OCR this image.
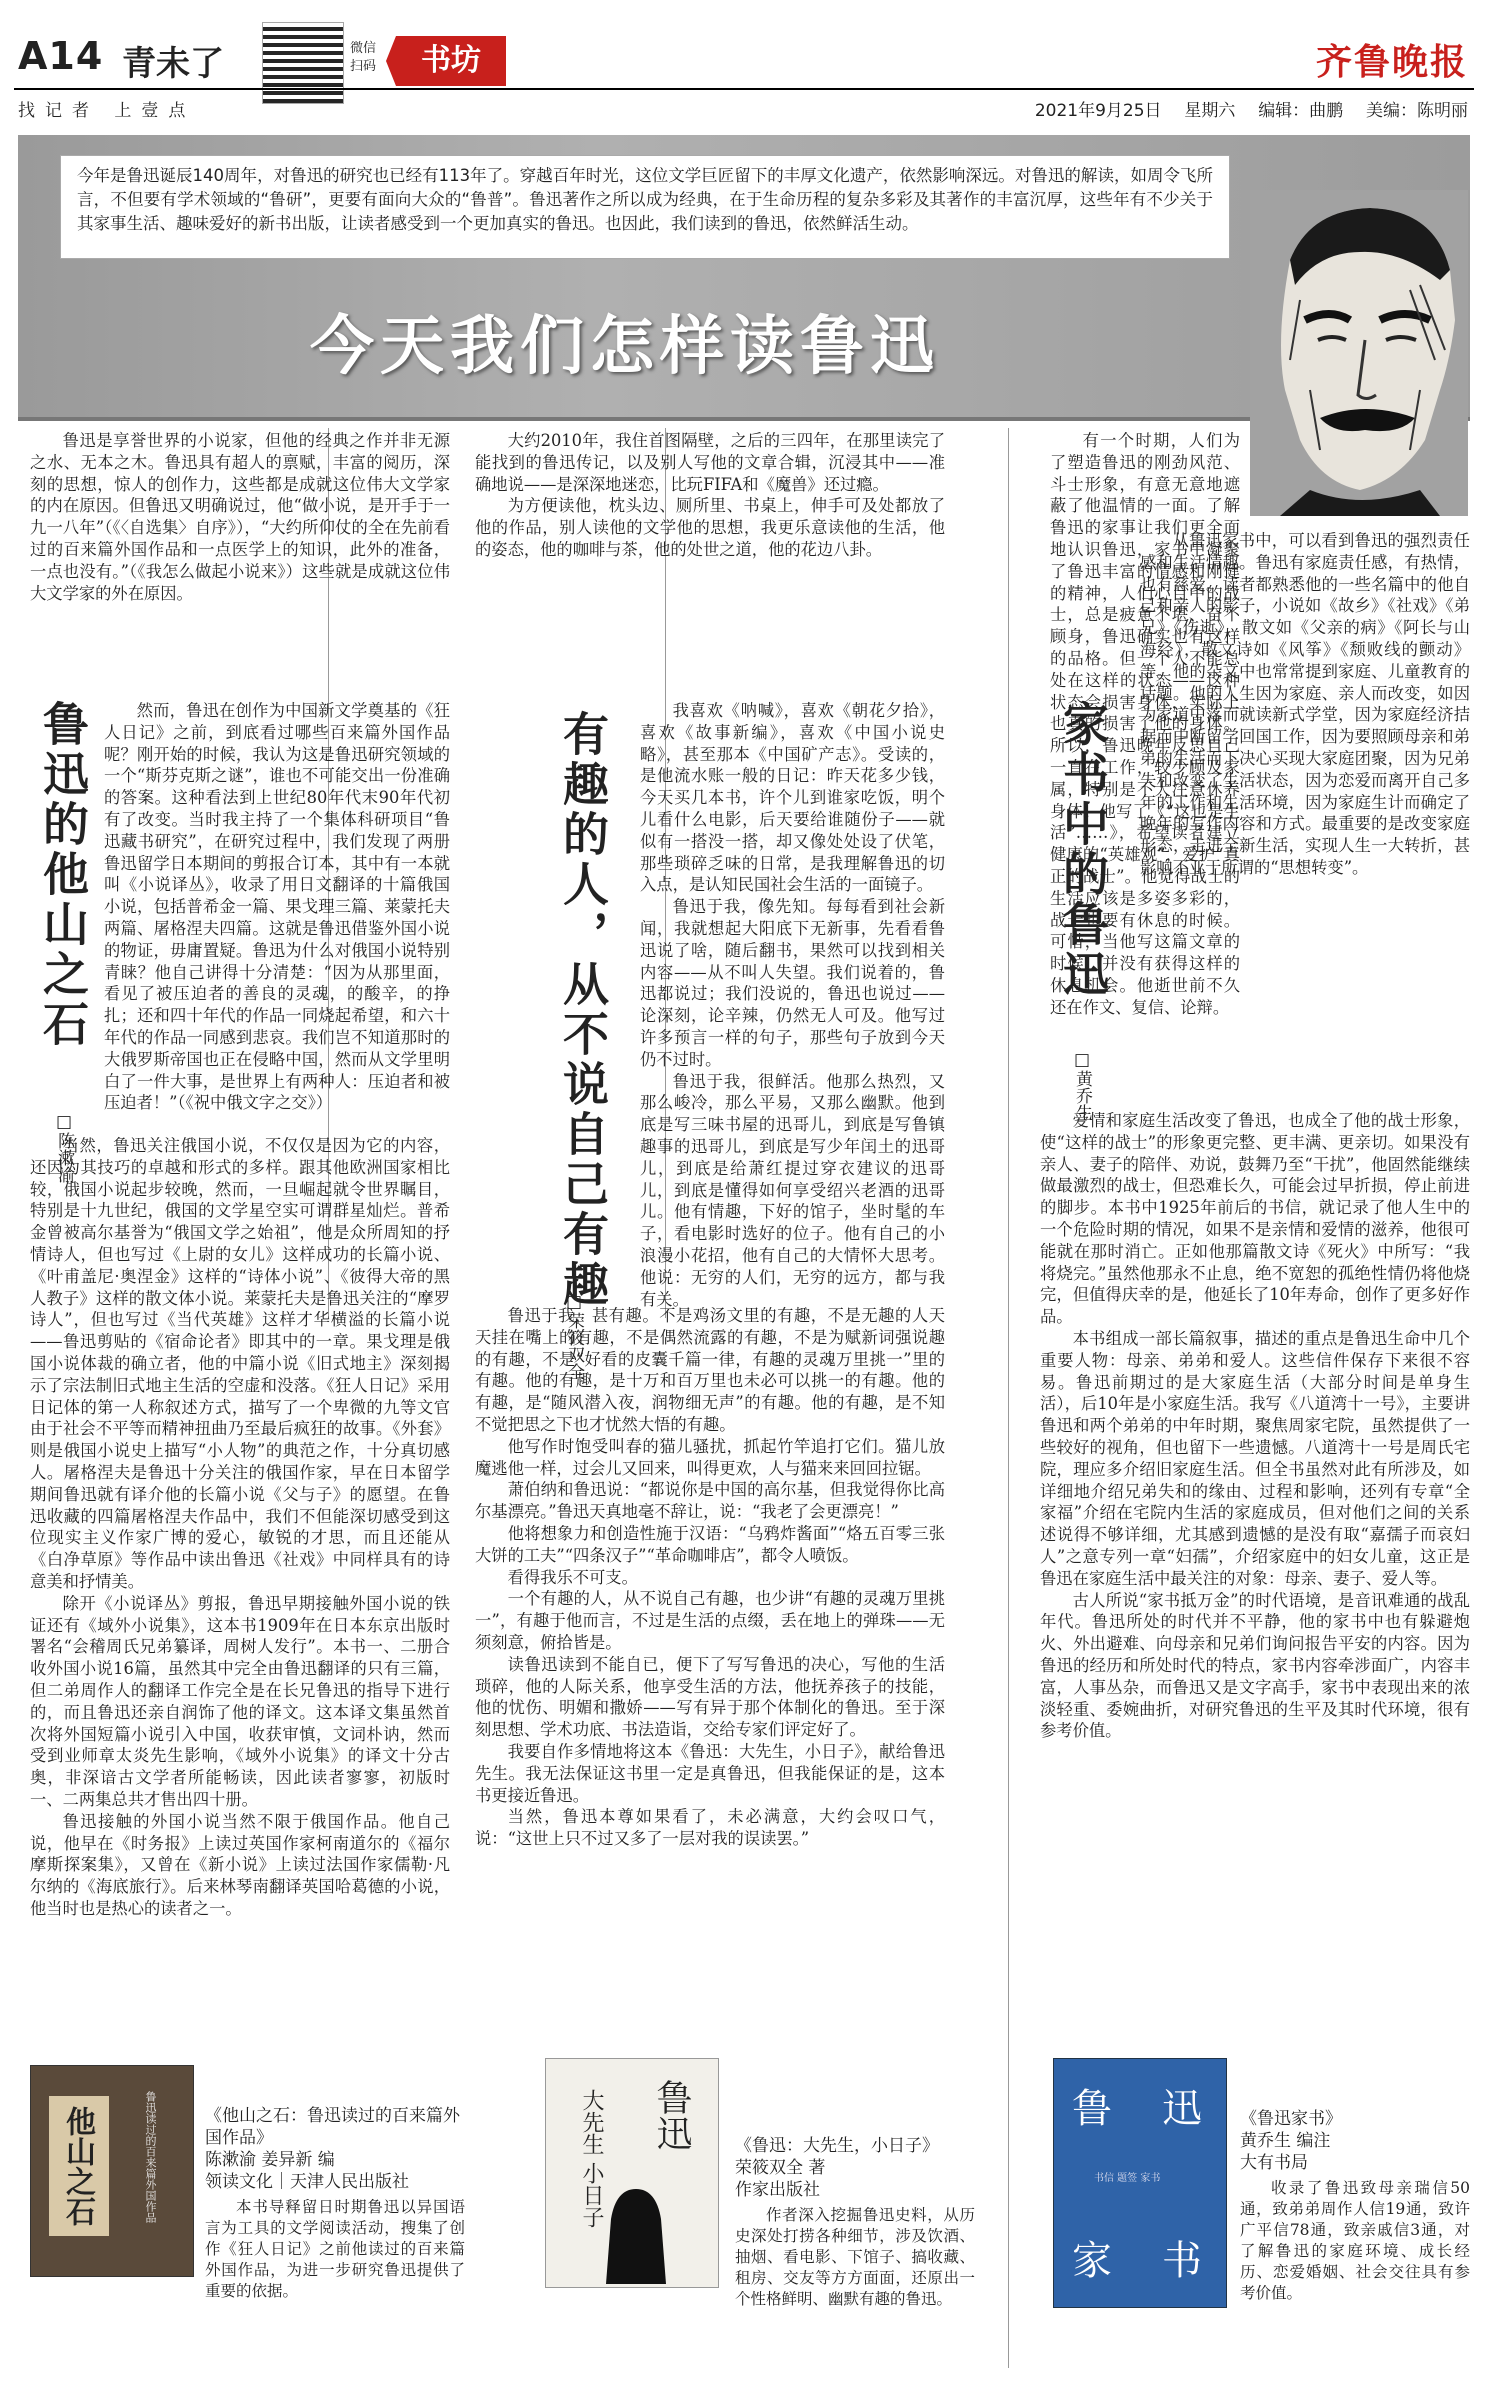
A14 青未了	微信
扫码	书坊	齐鲁晚报
找记者 上壹点	2021年9月25日 星期六 编辑：曲鹏 美编：陈明丽
今年是鲁迅诞辰140周年，对鲁迅的研究也已经有113年了。穿越百年时光，这位文学巨匠留下的丰厚文化遗产，依然影响深远。对鲁迅的解读，如周令飞所言，不但要有学术领域的“鲁研”，更要有面向大众的“鲁普”。鲁迅著作之所以成为经典，在于生命历程的复杂多彩及其著作的丰富沉厚，这些年有不少关于其家事生活、趣味爱好的新书出版，让读者感受到一个更加真实的鲁迅。也因此，我们读到的鲁迅，依然鲜活生动。
今天我们怎样读鲁迅
鲁迅的他山之石
□陈漱渝

鲁迅是享誉世界的小说家，但他的经典之作并非无源之水、无本之木。鲁迅具有超人的禀赋，丰富的阅历，深刻的思想，惊人的创作力，这些都是成就这位伟大文学家的内在原因。但鲁迅又明确说过，他“做小说，是开手于一九一八年”（《〈自选集〉自序》），“大约所仰仗的全在先前看过的百来篇外国作品和一点医学上的知识，此外的准备，一点也没有。”（《我怎么做起小说来》）这些就是成就这位伟大文学家的外在原因。

然而，鲁迅在创作为中国新文学奠基的《狂人日记》之前，到底看过哪些百来篇外国作品呢？刚开始的时候，我认为这是鲁迅研究领域的一个“斯芬克斯之谜”，谁也不可能交出一份准确的答案。这种看法到上世纪80年代末90年代初有了改变。当时我主持了一个集体科研项目“鲁迅藏书研究”，在研究过程中，我们发现了两册鲁迅留学日本期间的剪报合订本，其中有一本就叫《小说译丛》，收录了用日文翻译的十篇俄国小说，包括普希金一篇、果戈理三篇、莱蒙托夫两篇、屠格涅夫四篇。这就是鲁迅借鉴外国小说的物证，毋庸置疑。鲁迅为什么对俄国小说特别青睐？他自己讲得十分清楚：“因为从那里面，看见了被压迫者的善良的灵魂，的酸辛，的挣扎；还和四十年代的作品一同烧起希望，和六十年代的作品一同感到悲哀。我们岂不知道那时的大俄罗斯帝国也正在侵略中国，然而从文学里明白了一件大事，是世界上有两种人：压迫者和被压迫者！”（《祝中俄文字之交》）

当然，鲁迅关注俄国小说，不仅仅是因为它的内容，还因为其技巧的卓越和形式的多样。跟其他欧洲国家相比较，俄国小说起步较晚，然而，一旦崛起就令世界瞩目，特别是十九世纪，俄国的文学星空实可谓群星灿烂。普希金曾被高尔基誉为“俄国文学之始祖”，他是众所周知的抒情诗人，但也写过《上尉的女儿》这样成功的长篇小说、《叶甫盖尼·奥涅金》这样的“诗体小说”、《彼得大帝的黑人教子》这样的散文体小说。莱蒙托夫是鲁迅关注的“摩罗诗人”，但也写过《当代英雄》这样才华横溢的长篇小说——鲁迅剪贴的《宿命论者》即其中的一章。果戈理是俄国小说体裁的确立者，他的中篇小说《旧式地主》深刻揭示了宗法制旧式地主生活的空虚和没落。《狂人日记》采用日记体的第一人称叙述方式，描写了一个卑微的九等文官由于社会不平等而精神扭曲乃至最后疯狂的故事。《外套》则是俄国小说史上描写“小人物”的典范之作，十分真切感人。屠格涅夫是鲁迅十分关注的俄国作家，早在日本留学期间鲁迅就有译介他的长篇小说《父与子》的愿望。在鲁迅收藏的四篇屠格涅夫作品中，我们不但能深切感受到这位现实主义作家广博的爱心，敏锐的才思，而且还能从《白净草原》等作品中读出鲁迅《社戏》中同样具有的诗意美和抒情美。

除开《小说译丛》剪报，鲁迅早期接触外国小说的铁证还有《域外小说集》，这本书1909年在日本东京出版时署名“会稽周氏兄弟纂译，周树人发行”。本书一、二册合收外国小说16篇，虽然其中完全由鲁迅翻译的只有三篇，但二弟周作人的翻译工作完全是在长兄鲁迅的指导下进行的，而且鲁迅还亲自润饰了他的译文。这本译文集虽然首次将外国短篇小说引入中国，收获审慎，文词朴讷，然而受到业师章太炎先生影响，《域外小说集》的译文十分古奥，非深谙古文学者所能畅读，因此读者寥寥，初版时一、二两集总共才售出四十册。

鲁迅接触的外国小说当然不限于俄国作品。他自己说，他早在《时务报》上读过英国作家柯南道尔的《福尔摩斯探案集》，又曾在《新小说》上读过法国作家儒勒·凡尔纳的《海底旅行》。后来林琴南翻译英国哈葛德的小说，他当时也是热心的读者之一。

大约2010年，我住首图隔壁，之后的三四年，在那里读完了能找到的鲁迅传记，以及别人写他的文章合辑，沉浸其中——准确地说——是深深地迷恋，比玩FIFA和《魔兽》还过瘾。

为方便读他，枕头边、厕所里、书桌上，伸手可及处都放了他的作品，别人读他的文学他的思想，我更乐意读他的生活，他的姿态，他的咖啡与茶，他的处世之道，他的花边八卦。

有趣的人，从不说自己有趣
□荣筱双全

我喜欢《呐喊》，喜欢《朝花夕拾》，喜欢《故事新编》，喜欢《中国小说史略》，甚至那本《中国矿产志》。受读的，是他流水账一般的日记：昨天花多少钱，今天买几本书，许个儿到谁家吃饭，明个儿看什么电影，后天要给谁随份子——就似有一搭没一搭，却又像处处设了伏笔，那些琐碎乏味的日常，是我理解鲁迅的切入点，是认知民国社会生活的一面镜子。

鲁迅于我，像先知。每每看到社会新闻，我就想起大阳底下无新事，先看看鲁迅说了啥，随后翻书，果然可以找到相关内容——从不叫人失望。我们说着的，鲁迅都说过；我们没说的，鲁迅也说过——论深刻，论辛辣，仍然无人可及。他写过许多预言一样的句子，那些句子放到今天仍不过时。

鲁迅于我，很鲜活。他那么热烈，又那么峻冷，那么平易，又那么幽默。他到底是写三味书屋的迅哥儿，到底是写鲁镇趣事的迅哥儿，到底是写少年闰土的迅哥儿，到底是给萧红提过穿衣建议的迅哥儿，到底是懂得如何享受绍兴老酒的迅哥儿。他有情趣，下好的馆子，坐时髦的车子，看电影时选好的位子。他有自己的小浪漫小花招，他有自己的大情怀大思考。他说：无穷的人们，无穷的远方，都与我有关。

鲁迅于我，甚有趣。不是鸡汤文里的有趣，不是无趣的人天天挂在嘴上的有趣，不是偶然流露的有趣，不是为赋新词强说趣的有趣，不是“好看的皮囊千篇一律，有趣的灵魂万里挑一”里的有趣。他的有趣，是十万和百万里也未必可以挑一的有趣。他的有趣，是“随风潜入夜，润物细无声”的有趣。他的有趣，是不知不觉把思之下也才忧然大悟的有趣。

他写作时饱受叫春的猫儿骚扰，抓起竹竿追打它们。猫儿放魔逃他一样，过会儿又回来，叫得更欢，人与猫来来回回拉锯。

萧伯纳和鲁迅说：“都说你是中国的高尔基，但我觉得你比高尔基漂亮。”鲁迅天真地毫不辞让，说：“我老了会更漂亮！”

他将想象力和创造性施于汉语：“乌鸦炸酱面”“烙五百零三张大饼的工夫”“四条汉子”“革命咖啡店”，都令人喷饭。

看得我乐不可支。

一个有趣的人，从不说自己有趣，也少讲“有趣的灵魂万里挑一”，有趣于他而言，不过是生活的点缀，丢在地上的弹珠——无须刻意，俯拾皆是。

读鲁迅读到不能自已，便下了写写鲁迅的决心，写他的生活琐碎，他的人际关系，他享受生活的方法，他抚养孩子的技能，他的忧伤、明媚和撒娇——写有异于那个体制化的鲁迅。至于深刻思想、学术功底、书法造诣，交给专家们评定好了。

我要自作多情地将这本《鲁迅：大先生，小日子》，献给鲁迅先生。我无法保证这书里一定是真鲁迅，但我能保证的是，这本书更接近鲁迅。

当然，鲁迅本尊如果看了，未必满意，大约会叹口气，说：“这世上只不过又多了一层对我的误读罢。”

家书中的鲁迅
□黄乔生

有一个时期，人们为了塑造鲁迅的刚劲风范、斗士形象，有意无意地遮蔽了他温情的一面。了解鲁迅的家事让我们更全面地认识鲁迅，家书中凝聚了鲁迅丰富的情感和刚健的精神，人们心目中的战士，总是疲惫不堪、奋不顾身，鲁迅确实也有这样的品格。但一个人不能总处在这样的状态——这种状态会损害身体，实际上也真的损害了他的身体。所以，鲁迅晚年反思自己一直在工作，较少顾及家属，特别是不大注意休养身体。他写了《“这也是生活”……》，希望读者建立健康的“英雄观”，爱护“真正的战士”。他觉得战士的生活应该是多姿多彩的，战士也要有休息的时候。可惜，当他写这篇文章的时候，并没有获得这样的休息机会。他逝世前不久还在作文、复信、论辩。

从鲁迅家书中，可以看到鲁迅的强烈责任感和生活情趣。鲁迅有家庭责任感，有热情，也有慈爱。读者都熟悉他的一些名篇中的他自己和亲人的影子，小说如《故乡》《社戏》《弟兄》《伤逝》，散文如《父亲的病》《阿长与山海经》，散文诗如《风筝》《颓败线的颤动》等。他的杂文中也常常提到家庭、儿童教育的话题。他的人生因为家庭、亲人而改变，如因为家道中落而就读新式学堂，因为家庭经济拮据而中断留学回国工作，因为要照顾母亲和弟弟的生活而下决心买现大家庭团聚，因为兄弟失和改变了生活状态，因为恋爱而离开自己多年的工作和生活环境，因为家庭生计而确定了晚年的写作内容和方式。最重要的是改变家庭形态，走进全新生活，实现人生一大转折，甚影响不亚于所谓的“思想转变”。

爱情和家庭生活改变了鲁迅，也成全了他的战士形象，使“这样的战士”的形象更完整、更丰满、更亲切。如果没有亲人、妻子的陪伴、劝说，鼓舞乃至“干扰”，他固然能继续做最激烈的战士，但恐难长久，可能会过早折损，停止前进的脚步。本书中1925年前后的书信，就记录了他人生中的一个危险时期的情况，如果不是亲情和爱情的滋养，他很可能就在那时消亡。正如他那篇散文诗《死火》中所写：“我将烧完。”虽然他那永不止息，绝不宽恕的孤绝性情仍将他烧完，但值得庆幸的是，他延长了10年寿命，创作了更多好作品。

本书组成一部长篇叙事，描述的重点是鲁迅生命中几个重要人物：母亲、弟弟和爱人。这些信件保存下来很不容易。鲁迅前期过的是大家庭生活（大部分时间是单身生活），后10年是小家庭生活。我写《八道湾十一号》，主要讲鲁迅和两个弟弟的中年时期，聚焦周家宅院，虽然提供了一些较好的视角，但也留下一些遗憾。八道湾十一号是周氏宅院，理应多介绍旧家庭生活。但全书虽然对此有所涉及，如详细地介绍兄弟失和的缘由、过程和影响，还列有专章“全家福”介绍在宅院内生活的家庭成员，但对他们之间的关系述说得不够详细，尤其感到遗憾的是没有取“嘉孺子而哀妇人”之意专列一章“妇孺”，介绍家庭中的妇女儿童，这正是鲁迅在家庭生活中最关注的对象：母亲、妻子、爱人等。

古人所说“家书抵万金”的时代语境，是音讯难通的战乱年代。鲁迅所处的时代并不平静，他的家书中也有躲避炮火、外出避难、向母亲和兄弟们询问报告平安的内容。因为鲁迅的经历和所处时代的特点，家书内容牵涉面广，内容丰富，人事丛杂，而鲁迅又是文字高手，家书中表现出来的浓淡轻重、委婉曲折，对研究鲁迅的生平及其时代环境，很有参考价值。

他山之石	鲁迅读过的百来篇外国作品	《他山之石：鲁迅读过的百来篇外国作品》
陈漱渝 姜异新 编
领读文化｜天津人民出版社
本书导释留日时期鲁迅以异国语言为工具的文学阅读活动，搜集了创作《狂人日记》之前他读过的百来篇外国作品，为进一步研究鲁迅提供了重要的依据。
鲁迅
大先生 小日子	《鲁迅：大先生，小日子》
荣筱双全 著
作家出版社
作者深入挖掘鲁迅史料，从历史深处打捞各种细节，涉及饮酒、抽烟、看电影、下馆子、搞收藏、租房、交友等方方面面，还原出一个性格鲜明、幽默有趣的鲁迅。
鲁 迅
书信 题签 家书
家 书
《鲁迅家书》
黄乔生 编注
大有书局
收录了鲁迅致母亲瑞信50通，致弟弟周作人信19通，致许广平信78通，致亲戚信3通，对了解鲁迅的家庭环境、成长经历、恋爱婚姻、社会交往具有参考价值。
